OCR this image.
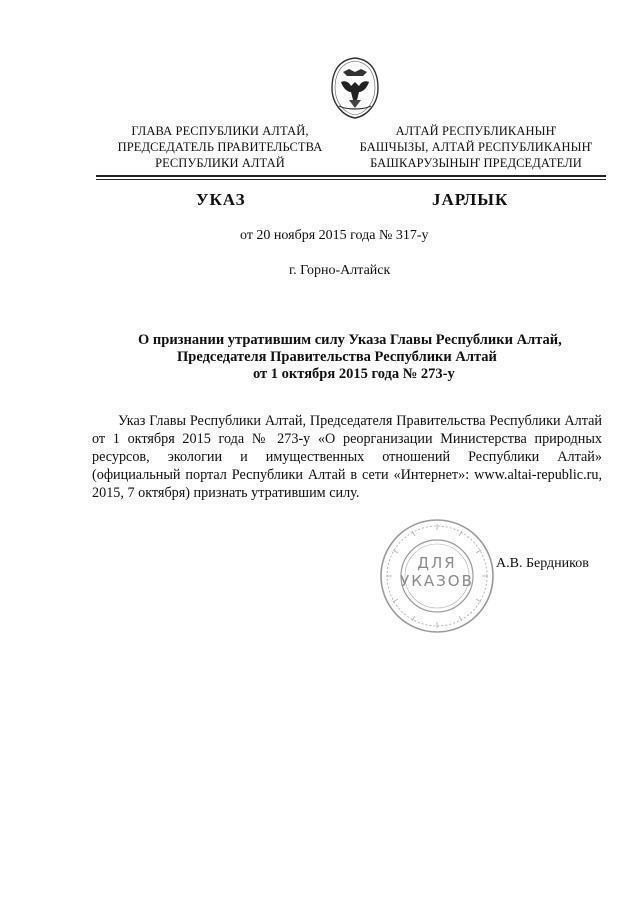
ГЛАВА РЕСПУБЛИКИ АЛТАЙ,
ПРЕДСЕДАТЕЛЬ ПРАВИТЕЛЬСТВА
РЕСПУБЛИКИ АЛТАЙ
АЛТАЙ РЕСПУБЛИКАНЫҤ
БАШЧЫЗЫ, АЛТАЙ РЕСПУБЛИКАНЫҤ
БАШКАРУЗЫНЫҤ ПРЕДСЕДАТЕЛИ
УКАЗ	ЈАРЛЫК
от 20 ноября 2015 года № 317-у
г. Горно-Алтайск
О признании утратившим силу Указа Главы Республики Алтай,
Председателя Правительства Республики Алтай
от 1 октября 2015 года № 273-у

Указ Главы Республики Алтай, Председателя Правительства Республики Алтай от 1 октября 2015 года № 273-у «О реорганизации Министерства природных ресурсов, экологии и имущественных отношений Республики Алтай» (официальный портал Республики Алтай в сети «Интернет»: www.altai-republic.ru, 2015, 7 октября) признать утратившим силу.

ДЛЯ
УКАЗОВ
А.В. Бердников
